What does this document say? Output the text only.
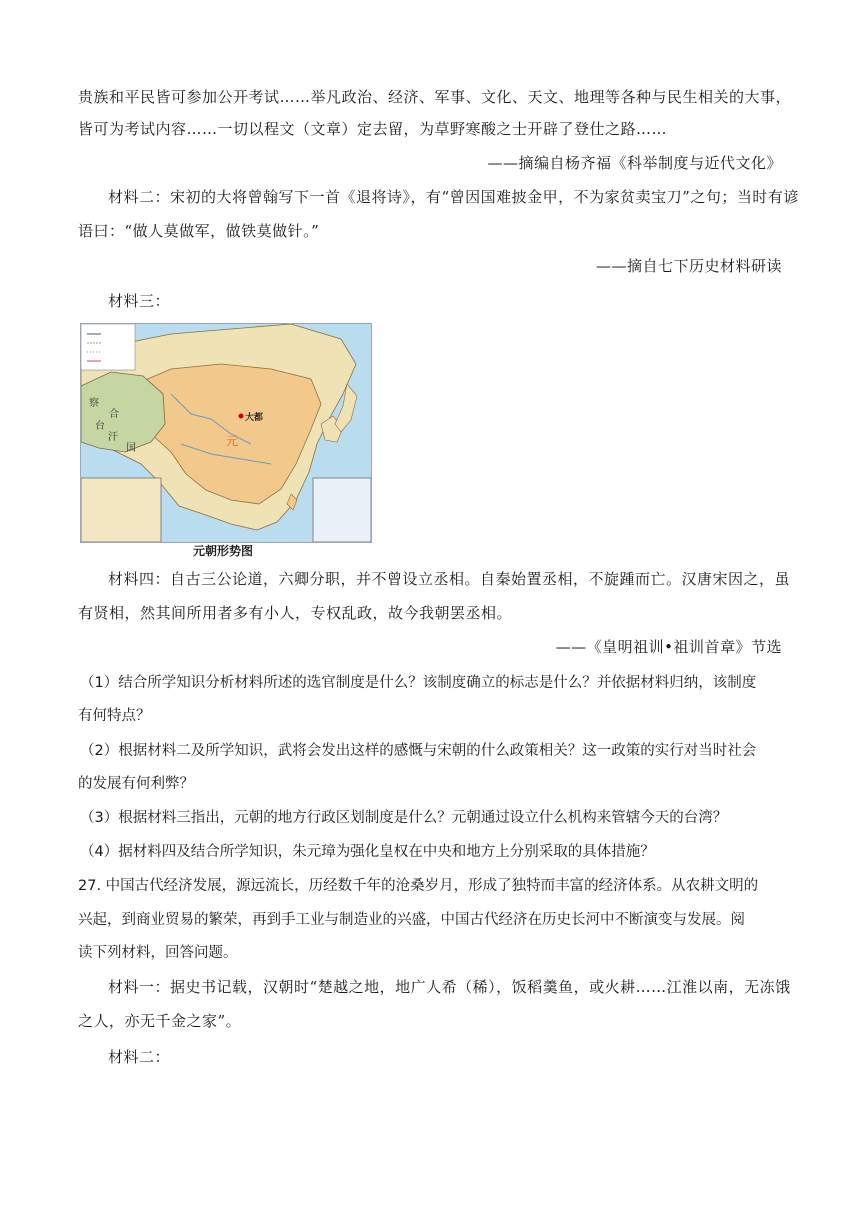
贵族和平民皆可参加公开考试……举凡政治、经济、军事、文化、天文、地理等各种与民生相关的大事，
皆可为考试内容……一切以程文（文章）定去留，为草野寒酸之士开辟了登仕之路……
——摘编自杨齐福《科举制度与近代文化》
材料二：宋初的大将曾翰写下一首《退将诗》，有“曾因国难披金甲，不为家贫卖宝刀”之句；当时有谚
语曰：“做人莫做军，做铁莫做针。”
——摘自七下历史材料研读
材料三：
大都
元
察
合
台
汗
国
元朝形势图
材料四：自古三公论道，六卿分职，并不曾设立丞相。自秦始置丞相，不旋踵而亡。汉唐宋因之，虽
有贤相，然其间所用者多有小人，专权乱政，故今我朝罢丞相。
——《皇明祖训•祖训首章》节选
（1）结合所学知识分析材料所述的选官制度是什么？该制度确立的标志是什么？并依据材料归纳，该制度
有何特点？
（2）根据材料二及所学知识，武将会发出这样的感慨与宋朝的什么政策相关？这一政策的实行对当时社会
的发展有何利弊？
（3）根据材料三指出，元朝的地方行政区划制度是什么？元朝通过设立什么机构来管辖今天的台湾？
（4）据材料四及结合所学知识，朱元璋为强化皇权在中央和地方上分别采取的具体措施？
27. 中国古代经济发展，源远流长，历经数千年的沧桑岁月，形成了独特而丰富的经济体系。从农耕文明的
兴起，到商业贸易的繁荣，再到手工业与制造业的兴盛，中国古代经济在历史长河中不断演变与发展。阅
读下列材料，回答问题。
材料一：据史书记载，汉朝时“楚越之地，地广人希（稀），饭稻羹鱼，或火耕……江淮以南，无冻饿
之人，亦无千金之家”。
材料二：
